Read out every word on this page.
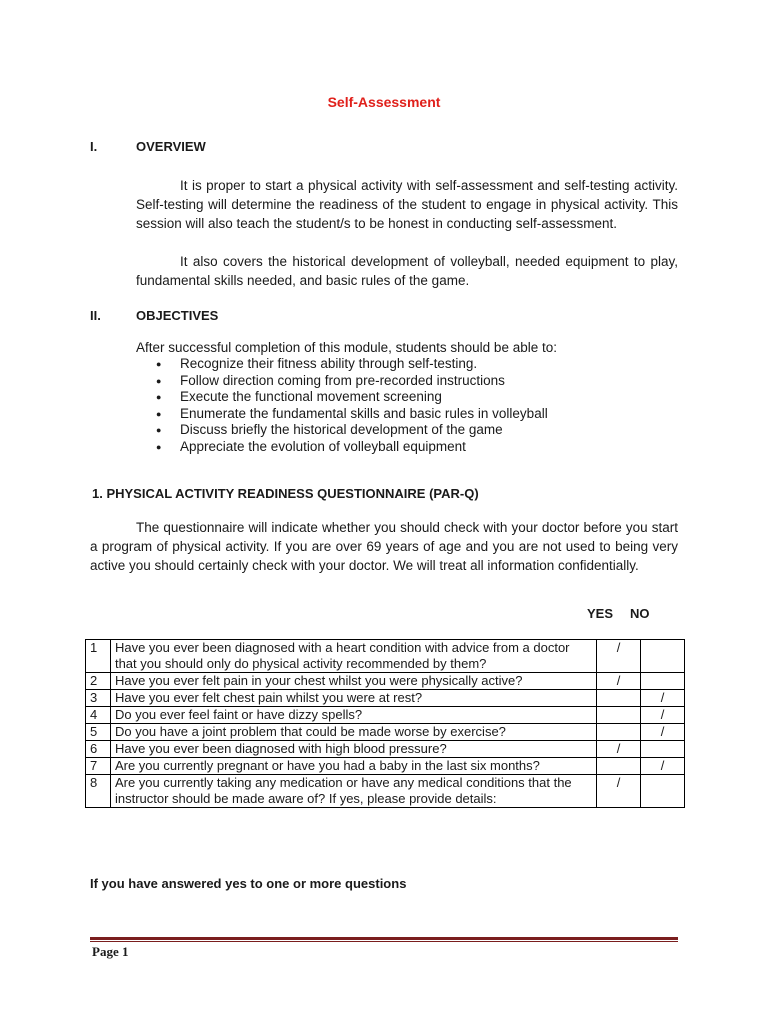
Self-Assessment
I.	OVERVIEW

It is proper to start a physical activity with self-assessment and self-testing activity. Self-testing will determine the readiness of the student to engage in physical activity. This session will also teach the student/s to be honest in conducting self-assessment.

It also covers the historical development of volleyball, needed equipment to play, fundamental skills needed, and basic rules of the game.

II.	OBJECTIVES
After successful completion of this module, students should be able to:
● Recognize their fitness ability through self-testing.
● Follow direction coming from pre-recorded instructions
● Execute the functional movement screening
● Enumerate the fundamental skills and basic rules in volleyball
● Discuss briefly the historical development of the game
● Appreciate the evolution of volleyball equipment
1. PHYSICAL ACTIVITY READINESS QUESTIONNAIRE (PAR-Q)

The questionnaire will indicate whether you should check with your doctor before you start a program of physical activity. If you are over 69 years of age and you are not used to being very active you should certainly check with your doctor. We will treat all information confidentially.

YES NO
1	Have you ever been diagnosed with a heart condition with advice from a doctor that you should only do physical activity recommended by them?	/	
2	Have you ever felt pain in your chest whilst you were physically active?	/	
3	Have you ever felt chest pain whilst you were at rest?		/
4	Do you ever feel faint or have dizzy spells?		/
5	Do you have a joint problem that could be made worse by exercise?		/
6	Have you ever been diagnosed with high blood pressure?	/	
7	Are you currently pregnant or have you had a baby in the last six months?		/
8	Are you currently taking any medication or have any medical conditions that the instructor should be made aware of? If yes, please provide details:	/	
If you have answered yes to one or more questions
Page 1
